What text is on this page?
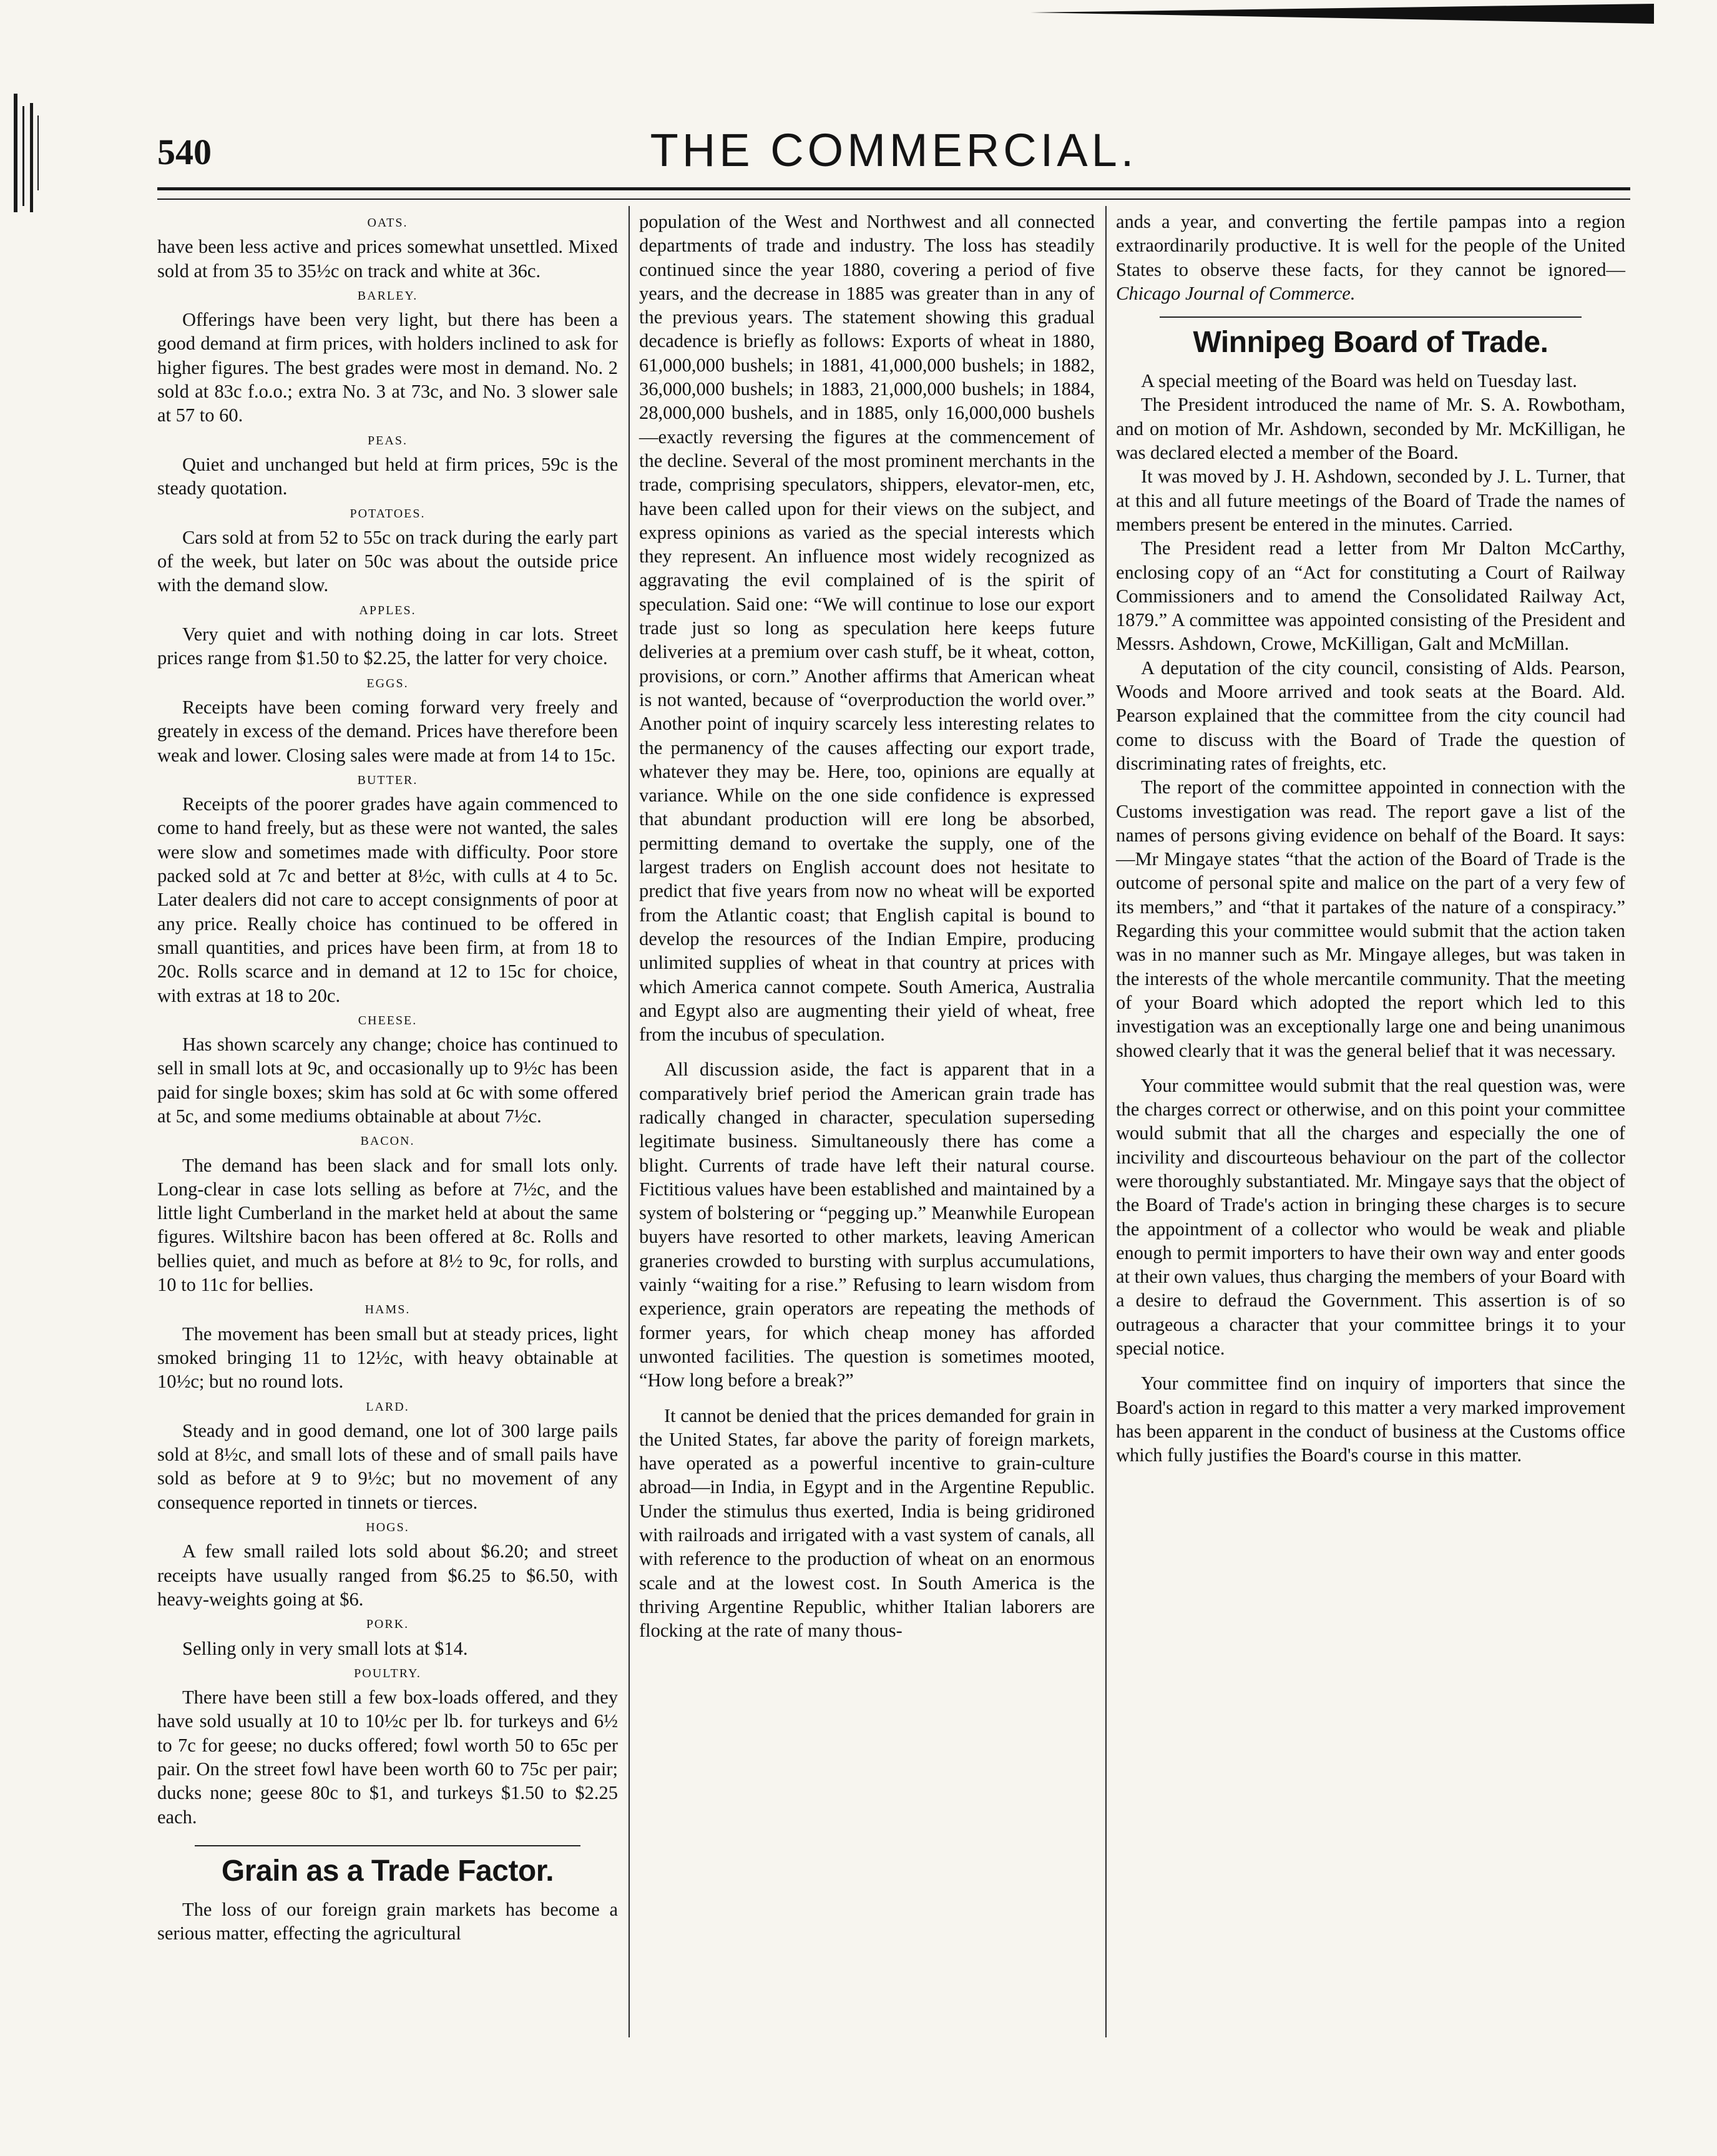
540	THE COMMERCIAL.
OATS.

have been less active and prices somewhat unsettled. Mixed sold at from 35 to 35½c on track and white at 36c.

BARLEY.

Offerings have been very light, but there has been a good demand at firm prices, with holders inclined to ask for higher figures. The best grades were most in demand. No. 2 sold at 83c f.o.o.; extra No. 3 at 73c, and No. 3 slower sale at 57 to 60.

PEAS.

Quiet and unchanged but held at firm prices, 59c is the steady quotation.

POTATOES.

Cars sold at from 52 to 55c on track during the early part of the week, but later on 50c was about the outside price with the demand slow.

APPLES.

Very quiet and with nothing doing in car lots. Street prices range from $1.50 to $2.25, the latter for very choice.

EGGS.

Receipts have been coming forward very freely and greately in excess of the demand. Prices have therefore been weak and lower. Closing sales were made at from 14 to 15c.

BUTTER.

Receipts of the poorer grades have again commenced to come to hand freely, but as these were not wanted, the sales were slow and sometimes made with difficulty. Poor store packed sold at 7c and better at 8½c, with culls at 4 to 5c. Later dealers did not care to accept consignments of poor at any price. Really choice has continued to be offered in small quantities, and prices have been firm, at from 18 to 20c. Rolls scarce and in demand at 12 to 15c for choice, with extras at 18 to 20c.

CHEESE.

Has shown scarcely any change; choice has continued to sell in small lots at 9c, and occasionally up to 9½c has been paid for single boxes; skim has sold at 6c with some offered at 5c, and some mediums obtainable at about 7½c.

BACON.

The demand has been slack and for small lots only. Long-clear in case lots selling as before at 7½c, and the little light Cumberland in the market held at about the same figures. Wiltshire bacon has been offered at 8c. Rolls and bellies quiet, and much as before at 8½ to 9c, for rolls, and 10 to 11c for bellies.

HAMS.

The movement has been small but at steady prices, light smoked bringing 11 to 12½c, with heavy obtainable at 10½c; but no round lots.

LARD.

Steady and in good demand, one lot of 300 large pails sold at 8½c, and small lots of these and of small pails have sold as before at 9 to 9½c; but no movement of any consequence reported in tinnets or tierces.

HOGS.

A few small railed lots sold about $6.20; and street receipts have usually ranged from $6.25 to $6.50, with heavy-weights going at $6.

PORK.

Selling only in very small lots at $14.

POULTRY.

There have been still a few box-loads offered, and they have sold usually at 10 to 10½c per lb. for turkeys and 6½ to 7c for geese; no ducks offered; fowl worth 50 to 65c per pair. On the street fowl have been worth 60 to 75c per pair; ducks none; geese 80c to $1, and turkeys $1.50 to $2.25 each.

Grain as a Trade Factor.

The loss of our foreign grain markets has become a serious matter, effecting the agricultural

population of the West and Northwest and all connected departments of trade and industry. The loss has steadily continued since the year 1880, covering a period of five years, and the decrease in 1885 was greater than in any of the previous years. The statement showing this gradual decadence is briefly as follows: Exports of wheat in 1880, 61,000,000 bushels; in 1881, 41,000,000 bushels; in 1882, 36,000,000 bushels; in 1883, 21,000,000 bushels; in 1884, 28,000,000 bushels, and in 1885, only 16,000,000 bushels—exactly reversing the figures at the commencement of the decline. Several of the most prominent merchants in the trade, comprising speculators, shippers, elevator-men, etc, have been called upon for their views on the subject, and express opinions as varied as the special interests which they represent. An influence most widely recognized as aggravating the evil complained of is the spirit of speculation. Said one: “We will continue to lose our export trade just so long as speculation here keeps future deliveries at a premium over cash stuff, be it wheat, cotton, provisions, or corn.” Another affirms that American wheat is not wanted, because of “overproduction the world over.” Another point of inquiry scarcely less interesting relates to the permanency of the causes affecting our export trade, whatever they may be. Here, too, opinions are equally at variance. While on the one side confidence is expressed that abundant production will ere long be absorbed, permitting demand to overtake the supply, one of the largest traders on English account does not hesitate to predict that five years from now no wheat will be exported from the Atlantic coast; that English capital is bound to develop the resources of the Indian Empire, producing unlimited supplies of wheat in that country at prices with which America cannot compete. South America, Australia and Egypt also are augmenting their yield of wheat, free from the incubus of speculation.

All discussion aside, the fact is apparent that in a comparatively brief period the American grain trade has radically changed in character, speculation superseding legitimate business. Simultaneously there has come a blight. Currents of trade have left their natural course. Fictitious values have been established and maintained by a system of bolstering or “pegging up.” Meanwhile European buyers have resorted to other markets, leaving American graneries crowded to bursting with surplus accumulations, vainly “waiting for a rise.” Refusing to learn wisdom from experience, grain operators are repeating the methods of former years, for which cheap money has afforded unwonted facilities. The question is sometimes mooted, “How long before a break?”

It cannot be denied that the prices demanded for grain in the United States, far above the parity of foreign markets, have operated as a powerful incentive to grain-culture abroad—in India, in Egypt and in the Argentine Republic. Under the stimulus thus exerted, India is being gridironed with railroads and irrigated with a vast system of canals, all with reference to the production of wheat on an enormous scale and at the lowest cost. In South America is the thriving Argentine Republic, whither Italian laborers are flocking at the rate of many thous-

ands a year, and converting the fertile pampas into a region extraordinarily productive. It is well for the people of the United States to observe these facts, for they cannot be ignored— Chicago Journal of Commerce.

Winnipeg Board of Trade.

A special meeting of the Board was held on Tuesday last.

The President introduced the name of Mr. S. A. Rowbotham, and on motion of Mr. Ashdown, seconded by Mr. McKilligan, he was declared elected a member of the Board.

It was moved by J. H. Ashdown, seconded by J. L. Turner, that at this and all future meetings of the Board of Trade the names of members present be entered in the minutes. Carried.

The President read a letter from Mr Dalton McCarthy, enclosing copy of an “Act for constituting a Court of Railway Commissioners and to amend the Consolidated Railway Act, 1879.” A committee was appointed consisting of the President and Messrs. Ashdown, Crowe, McKilligan, Galt and McMillan.

A deputation of the city council, consisting of Alds. Pearson, Woods and Moore arrived and took seats at the Board. Ald. Pearson explained that the committee from the city council had come to discuss with the Board of Trade the question of discriminating rates of freights, etc.

The report of the committee appointed in connection with the Customs investigation was read. The report gave a list of the names of persons giving evidence on behalf of the Board. It says:—Mr Mingaye states “that the action of the Board of Trade is the outcome of personal spite and malice on the part of a very few of its members,” and “that it partakes of the nature of a conspiracy.” Regarding this your committee would submit that the action taken was in no manner such as Mr. Mingaye alleges, but was taken in the interests of the whole mercantile community. That the meeting of your Board which adopted the report which led to this investigation was an exceptionally large one and being unanimous showed clearly that it was the general belief that it was necessary.

Your committee would submit that the real question was, were the charges correct or otherwise, and on this point your committee would submit that all the charges and especially the one of incivility and discourteous behaviour on the part of the collector were thoroughly substantiated. Mr. Mingaye says that the object of the Board of Trade's action in bringing these charges is to secure the appointment of a collector who would be weak and pliable enough to permit importers to have their own way and enter goods at their own values, thus charging the members of your Board with a desire to defraud the Government. This assertion is of so outrageous a character that your committee brings it to your special notice.

Your committee find on inquiry of importers that since the Board's action in regard to this matter a very marked improvement has been apparent in the conduct of business at the Customs office which fully justifies the Board's course in this matter.
